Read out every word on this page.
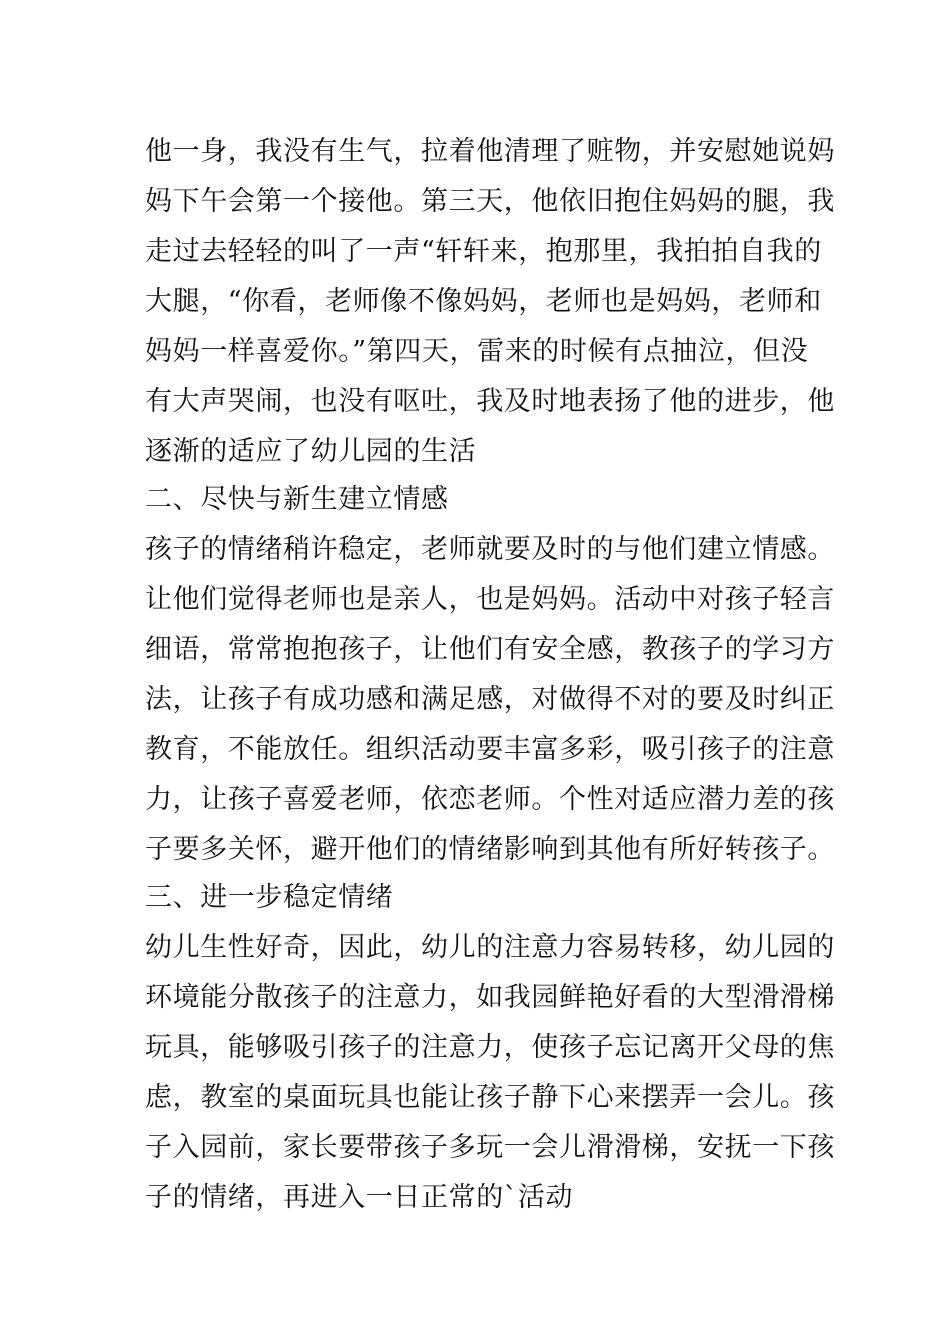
他一身，我没有生气，拉着他清理了赃物，并安慰她说妈
妈下午会第一个接他。第三天，他依旧抱住妈妈的腿，我
走过去轻轻的叫了一声“轩轩来，抱那里，我拍拍自我的
大腿，“你看，老师像不像妈妈，老师也是妈妈，老师和
妈妈一样喜爱你。”第四天，雷来的时候有点抽泣，但没
有大声哭闹，也没有呕吐，我及时地表扬了他的进步，他
逐渐的适应了幼儿园的生活
二、尽快与新生建立情感
孩子的情绪稍许稳定，老师就要及时的与他们建立情感。
让他们觉得老师也是亲人，也是妈妈。活动中对孩子轻言
细语，常常抱抱孩子，让他们有安全感，教孩子的学习方
法，让孩子有成功感和满足感，对做得不对的要及时纠正
教育，不能放任。组织活动要丰富多彩，吸引孩子的注意
力，让孩子喜爱老师，依恋老师。个性对适应潜力差的孩
子要多关怀，避开他们的情绪影响到其他有所好转孩子。
三、进一步稳定情绪
幼儿生性好奇，因此，幼儿的注意力容易转移，幼儿园的
环境能分散孩子的注意力，如我园鲜艳好看的大型滑滑梯
玩具，能够吸引孩子的注意力，使孩子忘记离开父母的焦
虑，教室的桌面玩具也能让孩子静下心来摆弄一会儿。孩
子入园前，家长要带孩子多玩一会儿滑滑梯，安抚一下孩
子的情绪，再进入一日正常的`活动
